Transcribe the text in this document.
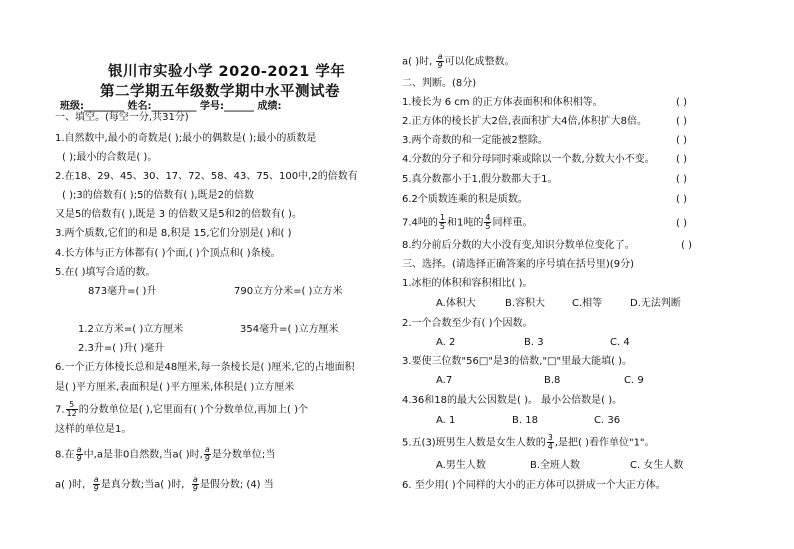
银川市实验小学 2020-2021 学年
第二学期五年级数学期中水平测试卷
班级:________ 姓名:_________ 学号:______ 成绩:
一、填空。(每空一分,共31分)
1.自然数中,最小的奇数是( );最小的偶数是( );最小的质数是
( );最小的合数是( )。
2.在18、29、45、30、17、72、58、43、75、100中,2的倍数有
( );3的倍数有( );5的倍数有( ),既是2的倍数
又是5的倍数有( ),既是 3 的倍数又是5和2的倍数有( )。
3.两个质数,它们的和是 8,积是 15,它们分别是( )和( )
4.长方体与正方体都有( )个面,( )个顶点和( )条棱。
5.在( )填写合适的数。
873毫升=( )升	790立方分米=( )立方米
1.2立方米=( )立方厘米	354毫升=( )立方厘米
2.3升=( )升( )毫升
6.一个正方体棱长总和是48厘米,每一条棱长是( )厘米,它的占地面积
是( )平方厘米,表面积是( )平方厘米,体积是( )立方厘米
7. $\frac{5}{12}$ 的分数单位是( ),它里面有( )个分数单位,再加上( )个
这样的单位是1。
8.在 $\frac{a}{9}$ 中,a是非0自然数,当a( )时, $\frac{a}{9}$ 是分数单位;当
a( )时, $\frac{a}{9}$ 是真分数;当a( )时, $\frac{a}{9}$ 是假分数; (4) 当
a( )时, $\frac{a}{9}$ 可以化成整数。
二、判断。(8分)
1.棱长为 6 cm 的正方体表面积和体积相等。	( )
2.正方体的棱长扩大2倍,表面积扩大4倍,体积扩大8倍。	( )
3.两个奇数的和一定能被2整除。	( )
4.分数的分子和分母同时乘或除以一个数,分数大小不变。 ( )
5.真分数都小于1,假分数都大于1。	( )
6.2个质数连乘的积是质数。	( )
7.4吨的 $\frac{1}{5}$ 和1吨的 $\frac{4}{5}$ 同样重。	( )
8.约分前后分数的大小没有变,知识分数单位变化了。	( )
三、选择。(请选择正确答案的序号填在括号里)(9分)
1.冰柜的体积和容积相比( )。
A.体积大	B.容积大	C.相等	D.无法判断
2.一个合数至少有( )个因数。
A. 2	B. 3	C. 4
3.要使三位数"56□"是3的倍数,"□"里最大能填( )。
A.7	B.8	C. 9
4.36和18的最大公因数是( )。 最小公倍数是( )。
A. 1	B. 18	C. 36
5.五(3)班男生人数是女生人数的 $\frac{3}{4}$ ,是把( )看作单位"1"。
A.男生人数	B.全班人数	C. 女生人数
6. 至少用( )个同样的大小的正方体可以拼成一个大正方体。
